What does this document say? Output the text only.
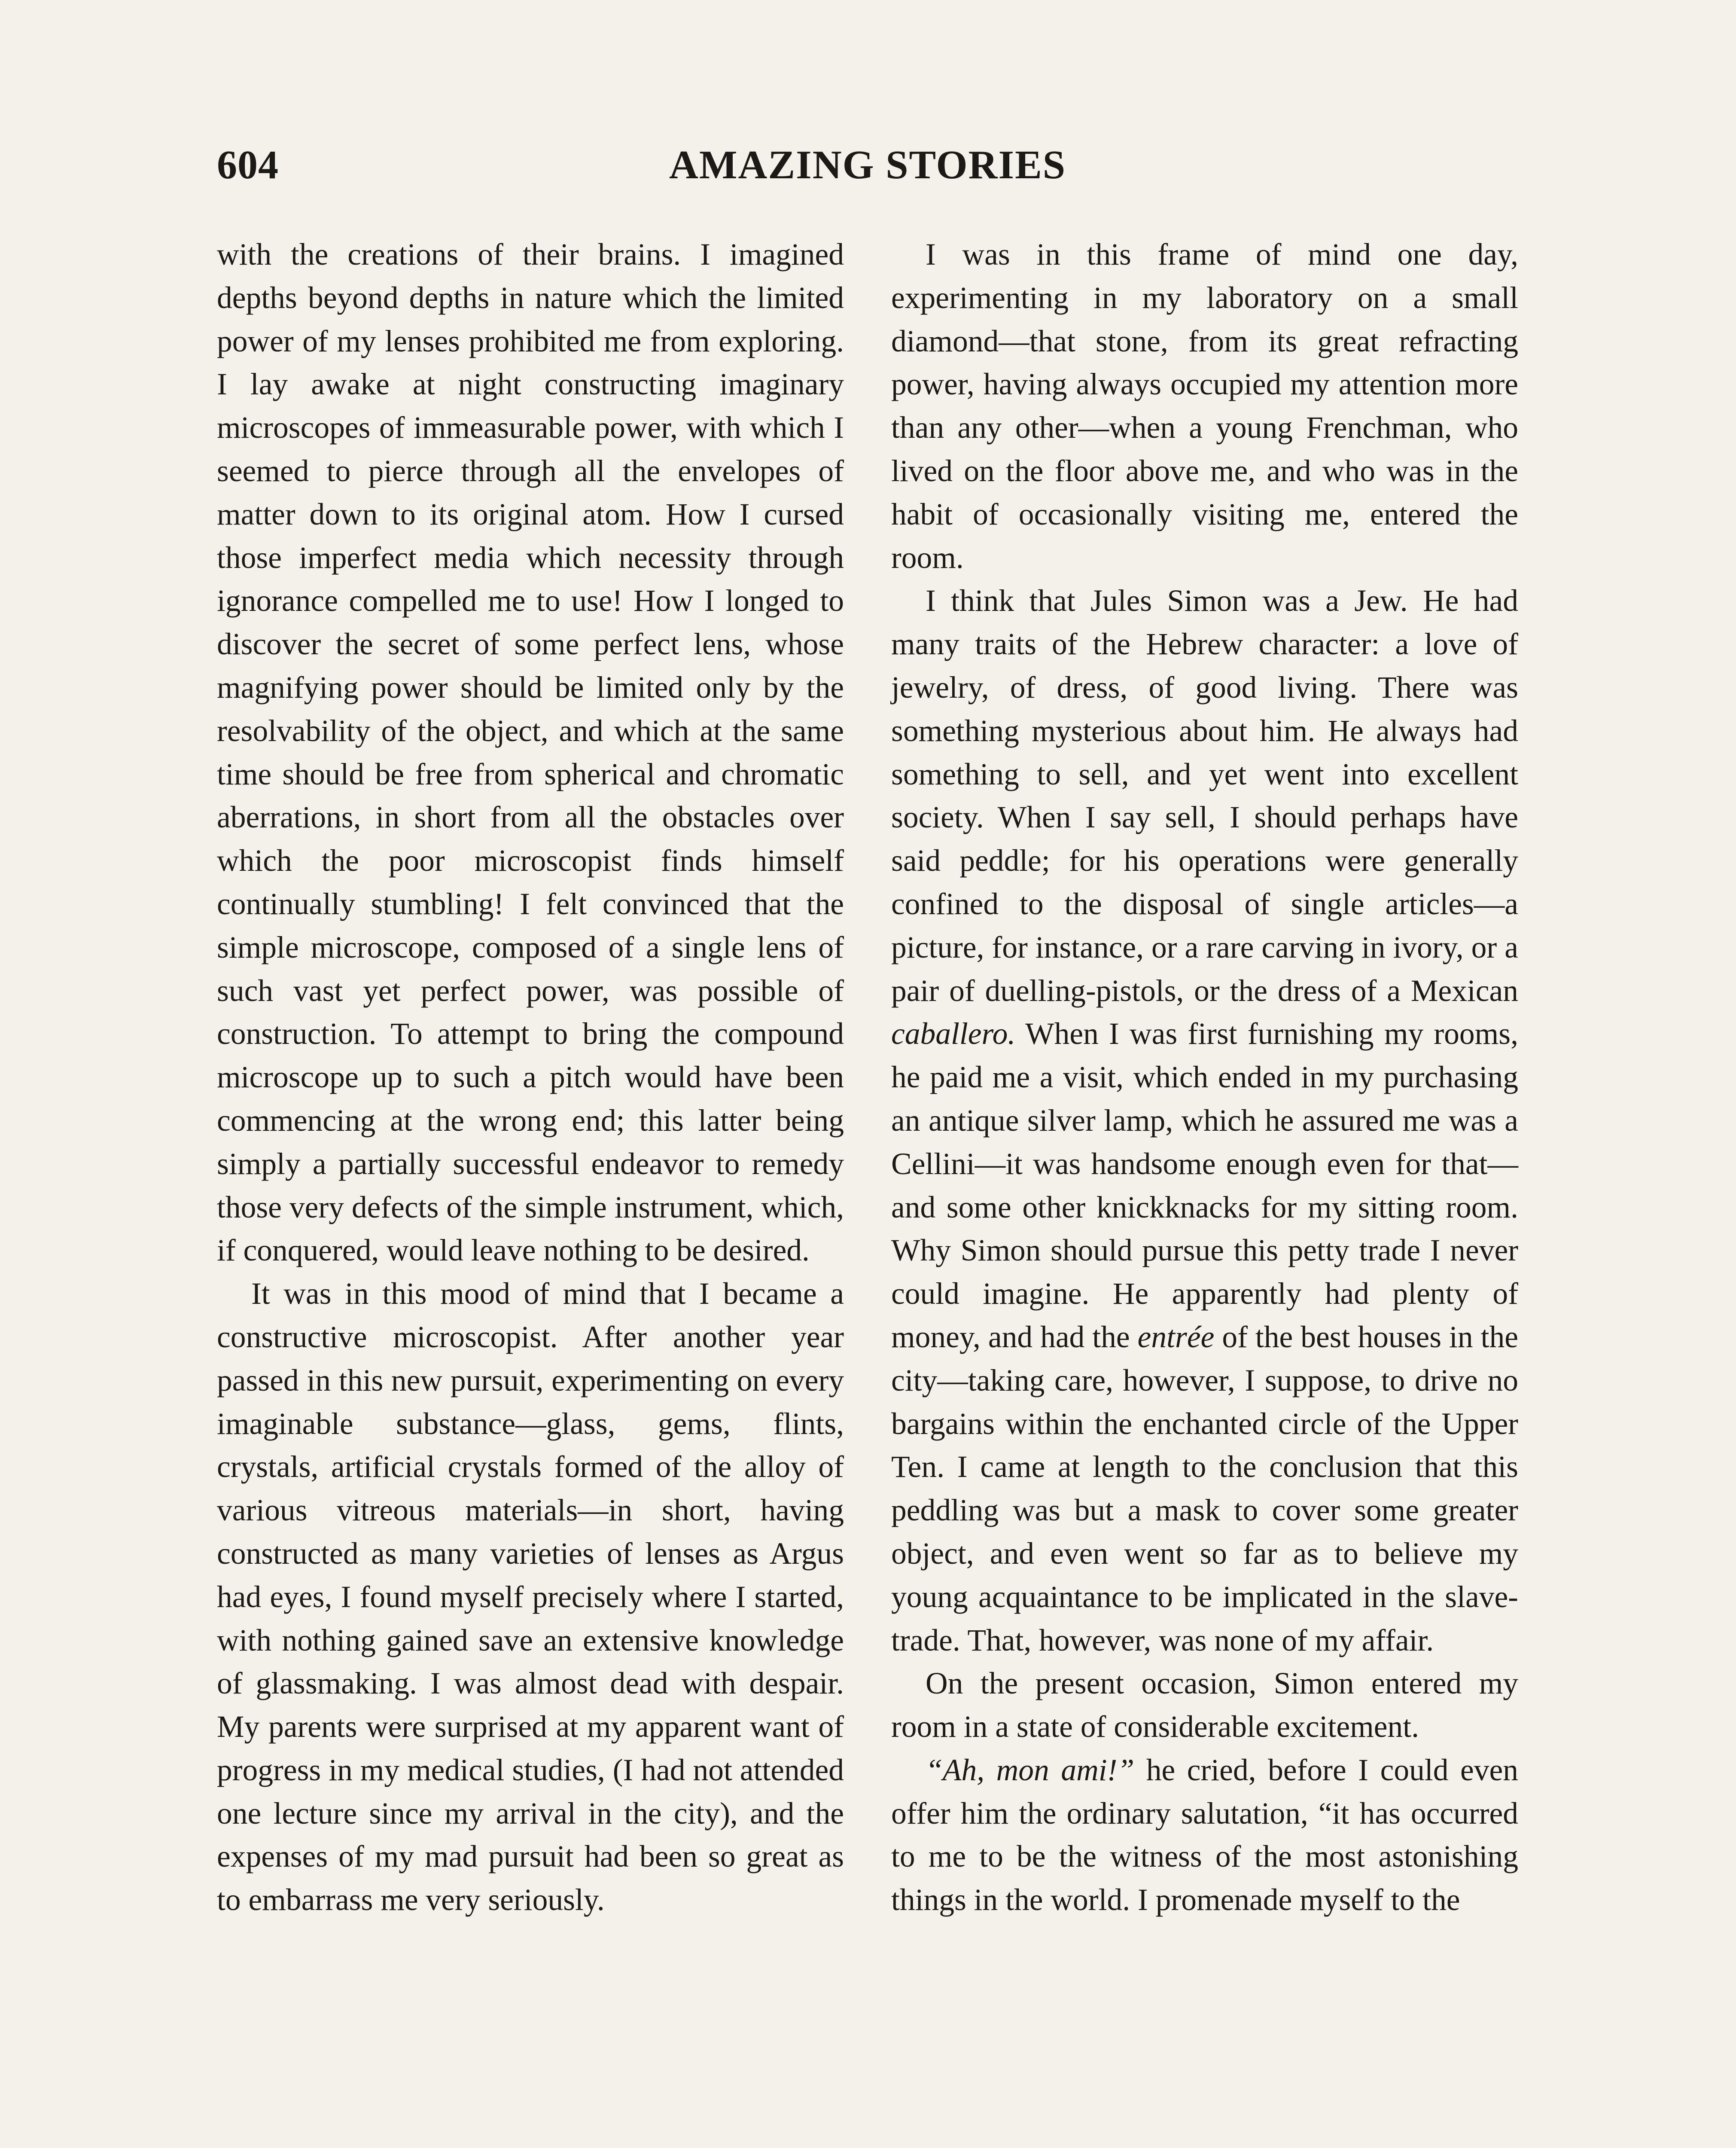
604	AMAZING STORIES

with the creations of their brains. I imagined depths beyond depths in nature which the limited power of my lenses prohibited me from exploring. I lay awake at night constructing imaginary microscopes of immeasurable power, with which I seemed to pierce through all the envelopes of matter down to its original atom. How I cursed those imperfect media which necessity through ignorance compelled me to use! How I longed to discover the secret of some perfect lens, whose magnifying power should be limited only by the resolvability of the object, and which at the same time should be free from spherical and chromatic aberrations, in short from all the obstacles over which the poor microscopist finds himself continually stumbling! I felt convinced that the simple microscope, composed of a single lens of such vast yet perfect power, was possible of construction. To attempt to bring the compound microscope up to such a pitch would have been commencing at the wrong end; this latter being simply a partially successful endeavor to remedy those very defects of the simple instrument, which, if conquered, would leave nothing to be desired.

It was in this mood of mind that I became a constructive microscopist. After another year passed in this new pursuit, experimenting on every imaginable substance—glass, gems, flints, crystals, artificial crystals formed of the alloy of various vitreous materials—in short, having constructed as many varieties of lenses as Argus had eyes, I found myself precisely where I started, with nothing gained save an extensive knowledge of glassmaking. I was almost dead with despair. My parents were surprised at my apparent want of progress in my medical studies, (I had not attended one lecture since my arrival in the city), and the expenses of my mad pursuit had been so great as to embarrass me very seriously.

I was in this frame of mind one day, experimenting in my laboratory on a small diamond—that stone, from its great refracting power, having always occupied my attention more than any other—when a young Frenchman, who lived on the floor above me, and who was in the habit of occasionally visiting me, entered the room.

I think that Jules Simon was a Jew. He had many traits of the Hebrew character: a love of jewelry, of dress, of good living. There was something mysterious about him. He always had something to sell, and yet went into excellent society. When I say sell, I should perhaps have said peddle; for his operations were generally confined to the disposal of single articles—a picture, for instance, or a rare carving in ivory, or a pair of duelling-pistols, or the dress of a Mexican caballero. When I was first furnishing my rooms, he paid me a visit, which ended in my purchasing an antique silver lamp, which he assured me was a Cellini—it was handsome enough even for that—and some other knickknacks for my sitting room. Why Simon should pursue this petty trade I never could imagine. He apparently had plenty of money, and had the entrée of the best houses in the city—taking care, however, I suppose, to drive no bargains within the enchanted circle of the Upper Ten. I came at length to the conclusion that this peddling was but a mask to cover some greater object, and even went so far as to believe my young acquaintance to be implicated in the slave-trade. That, however, was none of my affair.

On the present occasion, Simon entered my room in a state of considerable excitement.

“Ah, mon ami!” he cried, before I could even offer him the ordinary salutation, “it has occurred to me to be the witness of the most astonishing things in the world. I promenade myself to the
